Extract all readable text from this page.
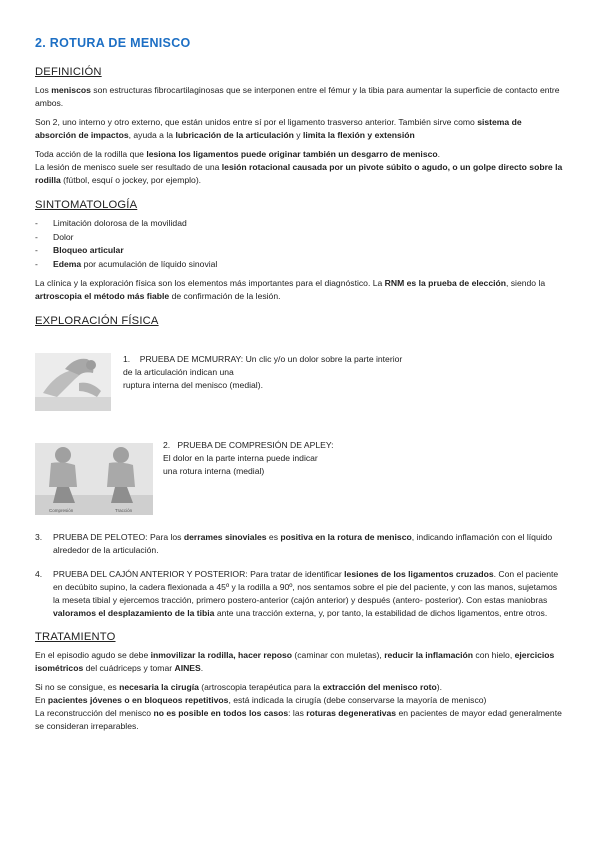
2. ROTURA DE MENISCO
DEFINICIÓN

Los meniscos son estructuras fibrocartilaginosas que se interponen entre el fémur y la tibia para aumentar la superficie de contacto entre ambos.

Son 2, uno interno y otro externo, que están unidos entre sí por el ligamento trasverso anterior. También sirve como sistema de absorción de impactos, ayuda a la lubricación de la articulación y limita la flexión y extensión

Toda acción de la rodilla que lesiona los ligamentos puede originar también un desgarro de menisco.

La lesión de menisco suele ser resultado de una lesión rotacional causada por un pivote súbito o agudo, o un golpe directo sobre la rodilla (fútbol, esquí o jockey, por ejemplo).

SINTOMATOLOGÍA
- Limitación dolorosa de la movilidad
- Dolor
- Bloqueo articular
- Edema por acumulación de líquido sinovial

La clínica y la exploración física son los elementos más importantes para el diagnóstico. La RNM es la prueba de elección, siendo la artroscopia el método más fiable de confirmación de la lesión.

EXPLORACIÓN FÍSICA
1. PRUEBA DE MCMURRAY: Un clic y/o un dolor sobre la parte interior
de la articulación indican una
ruptura interna del menisco (medial).
Compresión	Tracción
2. PRUEBA DE COMPRESIÓN DE APLEY:
El dolor en la parte interna puede indicar
una rotura interna (medial)
3. PRUEBA DE PELOTEO: Para los derrames sinoviales es positiva en la rotura de menisco, indicando inflamación con el líquido alrededor de la articulación.
4. PRUEBA DEL CAJÓN ANTERIOR Y POSTERIOR: Para tratar de identificar lesiones de los ligamentos cruzados. Con el paciente en decúbito supino, la cadera flexionada a 45º y la rodilla a 90º, nos sentamos sobre el pie del paciente, y con las manos, sujetamos la meseta tibial y ejercemos tracción, primero postero-anterior (cajón anterior) y después (antero- posterior). Con estas maniobras valoramos el desplazamiento de la tibia ante una tracción externa, y, por tanto, la estabilidad de dichos ligamentos, entre otros.
TRATAMIENTO

En el episodio agudo se debe inmovilizar la rodilla, hacer reposo (caminar con muletas), reducir la inflamación con hielo, ejercicios isométricos del cuádriceps y tomar AINES.

Si no se consigue, es necesaria la cirugía (artroscopia terapéutica para la extracción del menisco roto).

En pacientes jóvenes o en bloqueos repetitivos, está indicada la cirugía (debe conservarse la mayoría de menisco)

La reconstrucción del menisco no es posible en todos los casos: las roturas degenerativas en pacientes de mayor edad generalmente se consideran irreparables.
